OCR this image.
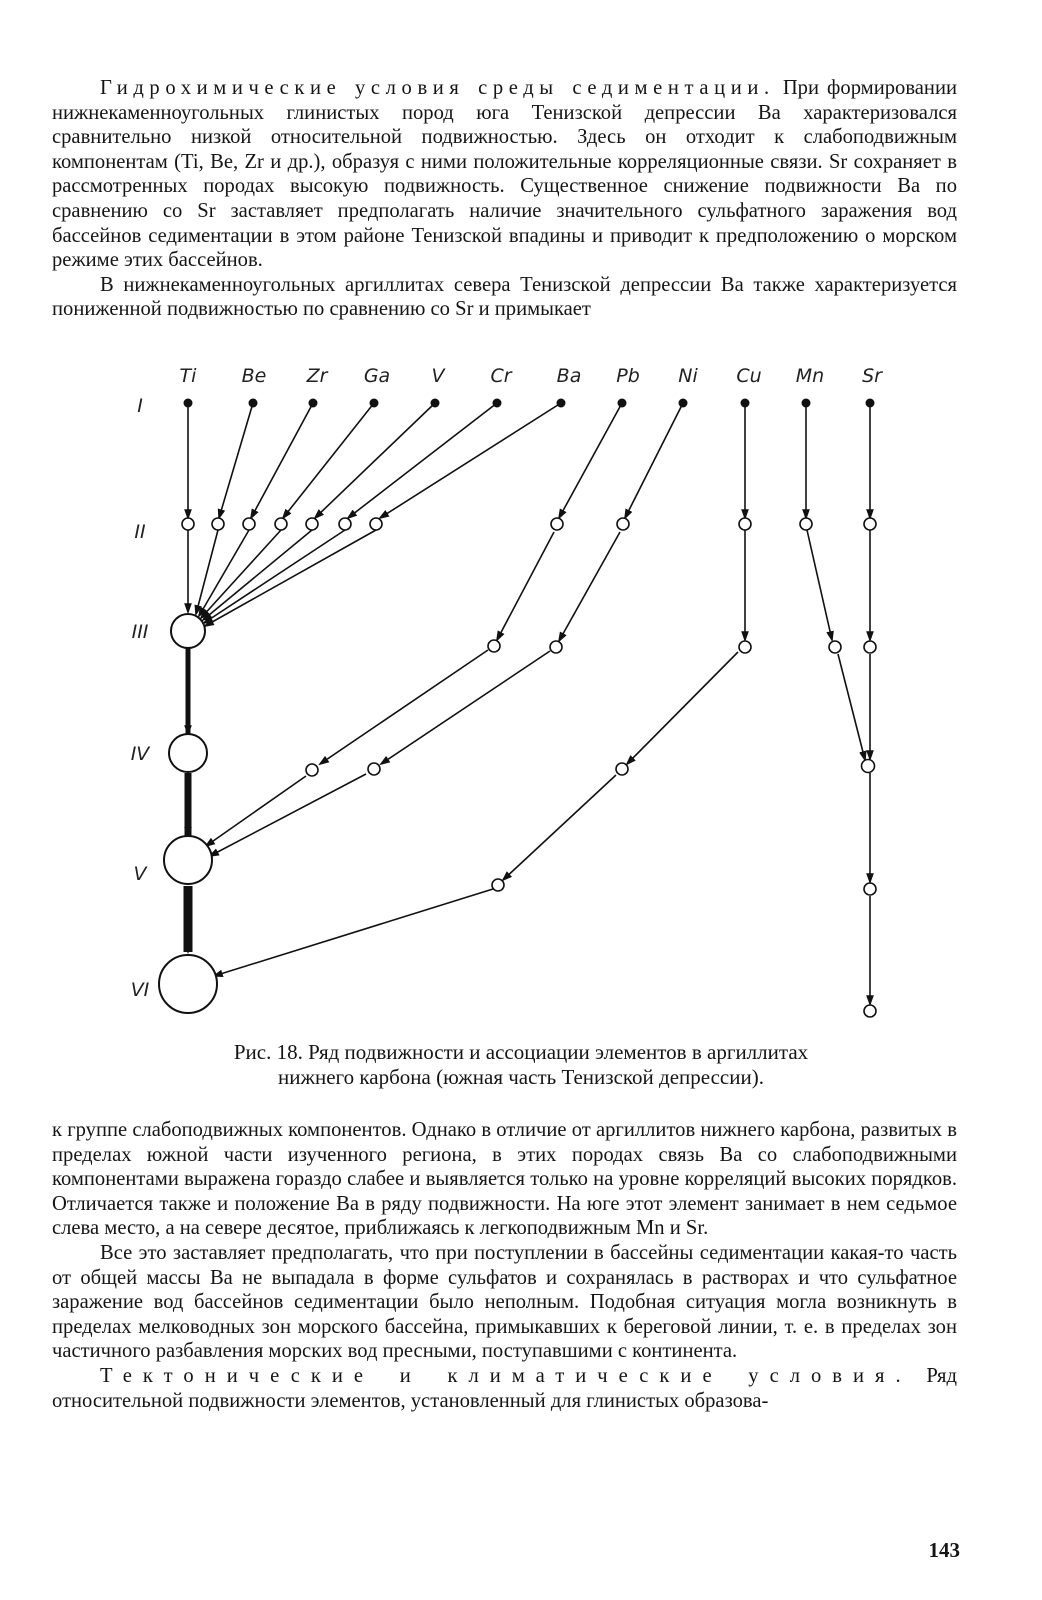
Гидрохимические условия среды седиментации. При формировании нижнекаменноугольных глинистых пород юга Тенизской депрессии Ва характеризовался сравнительно низкой относительной подвижностью. Здесь он отходит к слабоподвижным компонентам (Ti, Be, Zr и др.), образуя с ними положительные корреляционные связи. Sr сохраняет в рассмотренных породах высокую подвижность. Существенное снижение подвижности Ва по сравнению со Sr заставляет предполагать наличие значительного сульфатного заражения вод бассейнов седиментации в этом районе Тенизской впадины и приводит к предположению о морском режиме этих бассейнов.

В нижнекаменноугольных аргиллитах севера Тенизской депрессии Ва также характеризуется пониженной подвижностью по сравнению со Sr и примыкает

Ti Be Zr Ga V Cr Ba Pb Ni Cu Mn Sr
I
II
III
IV
V
VI
Рис. 18. Ряд подвижности и ассоциации элементов в аргиллитах
нижнего карбона (южная часть Тенизской депрессии).

к группе слабоподвижных компонентов. Однако в отличие от аргиллитов нижнего карбона, развитых в пределах южной части изученного региона, в этих породах связь Ва со слабоподвижными компонентами выражена гораздо слабее и выявляется только на уровне корреляций высоких порядков. Отличается также и положение Ва в ряду подвижности. На юге этот элемент занимает в нем седьмое слева место, а на севере десятое, приближаясь к легкоподвижным Mn и Sr.

Все это заставляет предполагать, что при поступлении в бассейны седиментации какая-то часть от общей массы Ва не выпадала в форме сульфатов и сохранялась в растворах и что сульфатное заражение вод бассейнов седиментации было неполным. Подобная ситуация могла возникнуть в пределах мелководных зон морского бассейна, примыкавших к береговой линии, т. е. в пределах зон частичного разбавления морских вод пресными, поступавшими с континента.

Тектонические и климатические условия. Ряд относительной подвижности элементов, установленный для глинистых образова-

143
